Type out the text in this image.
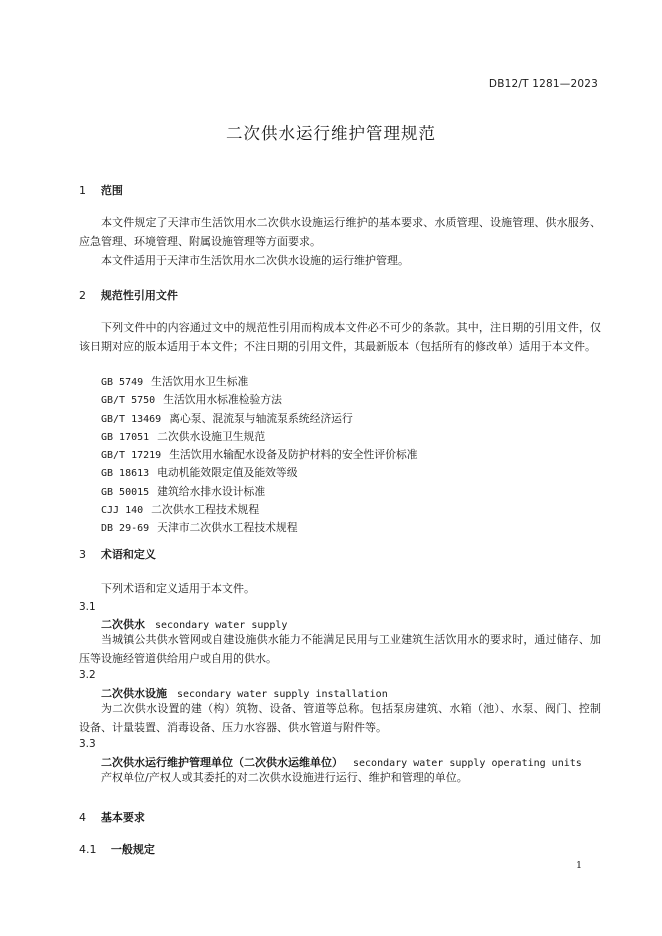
DB12/T 1281—2023
二次供水运行维护管理规范
1 范围
本文件规定了天津市生活饮用水二次供水设施运行维护的基本要求、水质管理、设施管理、供水服务、应急管理、环境管理、附属设施管理等方面要求。
本文件适用于天津市生活饮用水二次供水设施的运行维护管理。
2 规范性引用文件
下列文件中的内容通过文中的规范性引用而构成本文件必不可少的条款。其中，注日期的引用文件，仅该日期对应的版本适用于本文件；不注日期的引用文件，其最新版本（包括所有的修改单）适用于本文件。
GB 5749 生活饮用水卫生标准
GB/T 5750 生活饮用水标准检验方法
GB/T 13469 离心泵、混流泵与轴流泵系统经济运行
GB 17051 二次供水设施卫生规范
GB/T 17219 生活饮用水输配水设备及防护材料的安全性评价标准
GB 18613 电动机能效限定值及能效等级
GB 50015 建筑给水排水设计标准
CJJ 140 二次供水工程技术规程
DB 29-69 天津市二次供水工程技术规程
3 术语和定义
下列术语和定义适用于本文件。
3.1
二次供水 secondary water supply
当城镇公共供水管网或自建设施供水能力不能满足民用与工业建筑生活饮用水的要求时，通过储存、加压等设施经管道供给用户或自用的供水。
3.2
二次供水设施 secondary water supply installation
为二次供水设置的建（构）筑物、设备、管道等总称。包括泵房建筑、水箱（池）、水泵、阀门、控制设备、计量装置、消毒设备、压力水容器、供水管道与附件等。
3.3
二次供水运行维护管理单位（二次供水运维单位） secondary water supply operating units
产权单位/产权人或其委托的对二次供水设施进行运行、维护和管理的单位。
4 基本要求
4.1 一般规定
1
